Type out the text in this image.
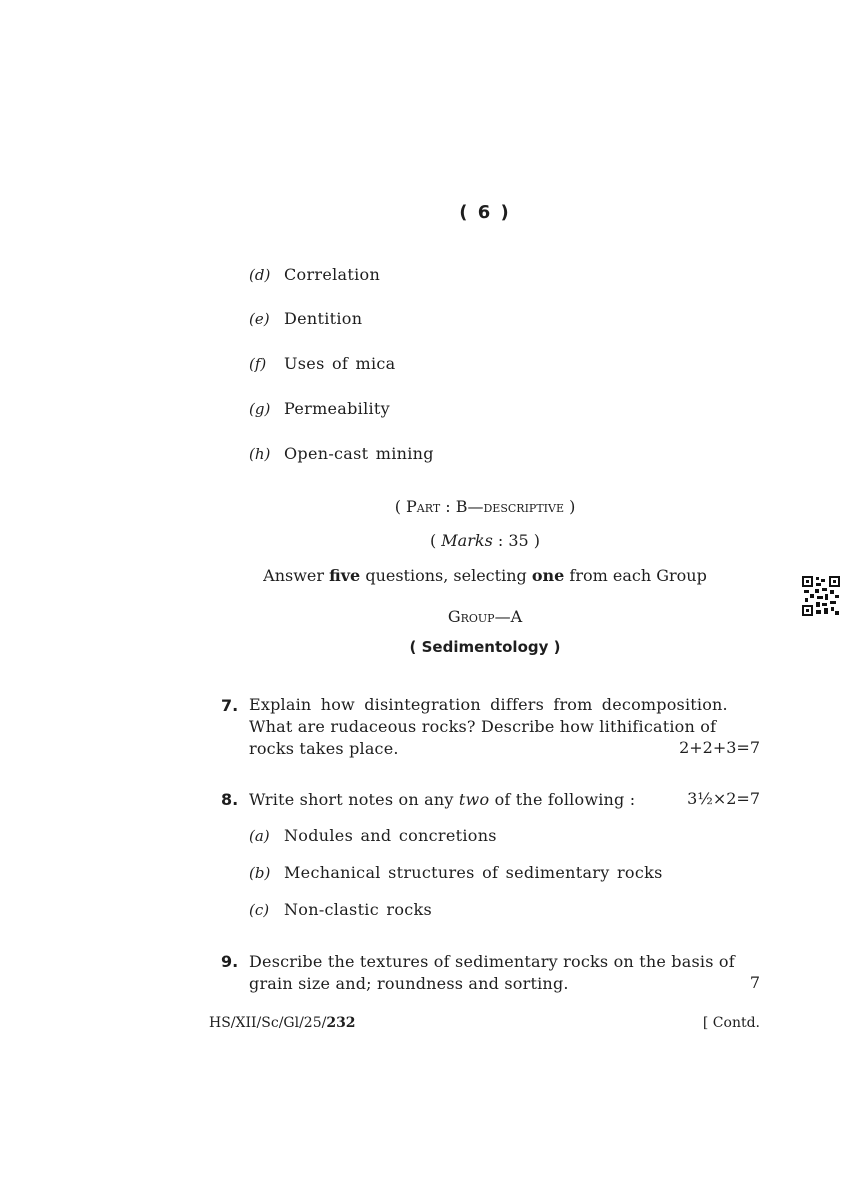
( 6 )
(d) Correlation
(e) Dentition
(f) Uses of mica
(g) Permeability
(h) Open-cast mining
( Part : B—descriptive )
( Marks : 35 )
Answer five questions, selecting one from each Group
Group—A
( Sedimentology )
7. Explain how disintegration differs from decomposition.
What are rudaceous rocks? Describe how lithification of
rocks takes place.	2+2+3=7
8. Write short notes on any two of the following :	3½×2=7
(a) Nodules and concretions
(b) Mechanical structures of sedimentary rocks
(c) Non-clastic rocks
9. Describe the textures of sedimentary rocks on the basis of
grain size and; roundness and sorting.	7
HS/XII/Sc/Gl/25/232	[ Contd.
